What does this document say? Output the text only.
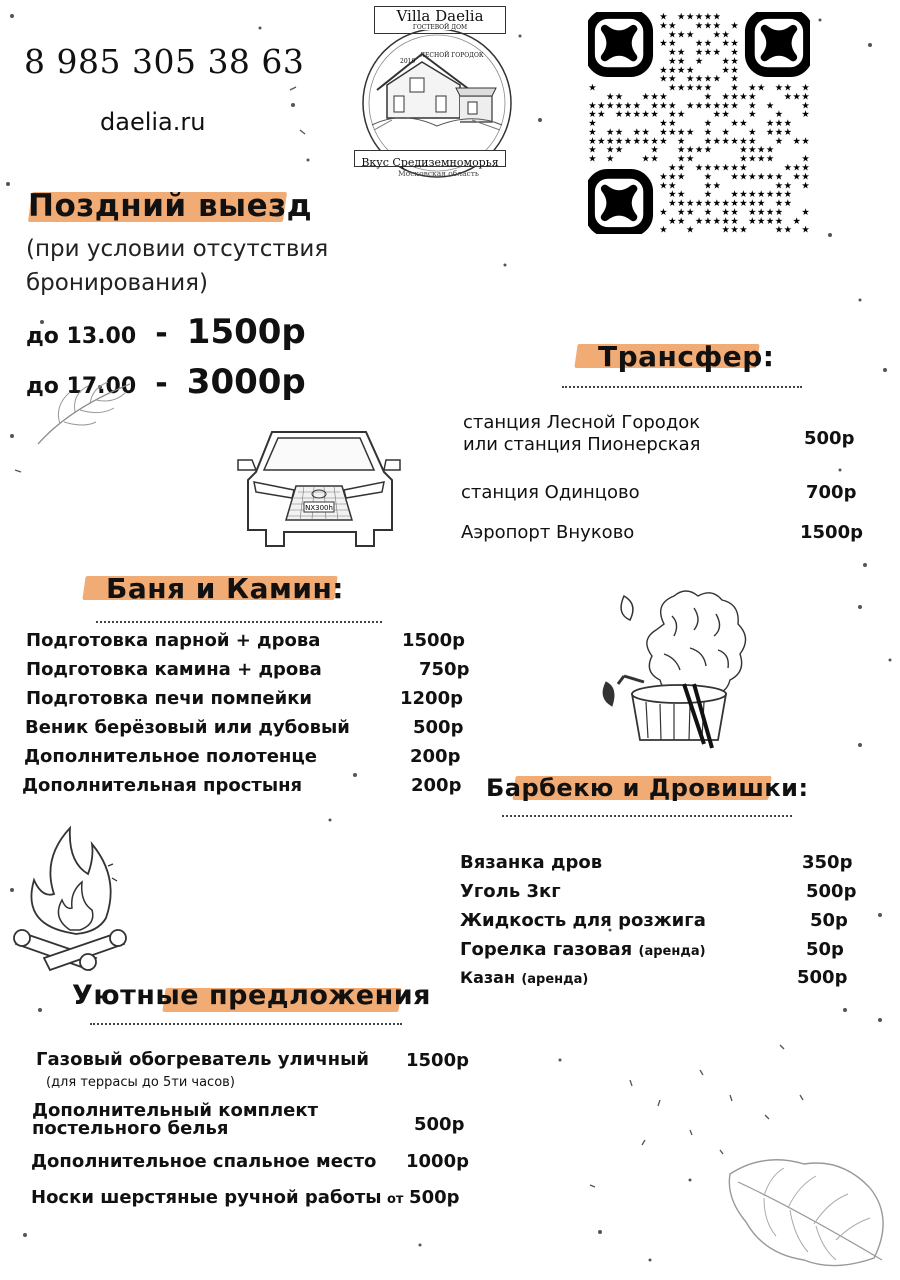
8 985 305 38 63
daelia.ru
Villa Daelia
ГОСТЕВОЙ ДОМ
2019
ЛЕСНОЙ ГОРОДОК
Вкус Средиземноморья
Московская область
★ ★ ★ ★ ★ ★
★ ★ ★ ★ ★ ★
★ ★ ★ ★ ★
★ ★ ★ ★ ★ ★
★ ★ ★ ★ ★ ★
★ ★ ★ ★ ★
★ ★ ★ ★	★ ★
★ ★ ★ ★ ★ ★ ★
★	★ ★ ★ ★ ★ ★ ★ ★ ★ ★ ★
★ ★ ★ ★ ★	★ ★ ★ ★ ★	★ ★ ★
★ ★ ★ ★ ★ ★ ★ ★ ★ ★ ★ ★ ★ ★ ★ ★ ★	★
★ ★ ★ ★ ★ ★ ★ ★ ★	★ ★ ★ ★ ★
★	★ ★	★ ★ ★ ★ ★ ★
★ ★ ★ ★ ★ ★ ★ ★ ★ ★ ★ ★ ★ ★ ★
★ ★ ★ ★ ★ ★ ★ ★ ★ ★ ★ ★ ★ ★ ★ ★ ★ ★ ★
★ ★ ★	★ ★ ★ ★ ★	★ ★ ★ ★
★ ★	★ ★ ★ ★	★ ★ ★ ★	★
★ ★ ★ ★ ★ ★ ★ ★	★ ★ ★
★ ★ ★ ★ ★ ★ ★ ★ ★ ★ ★ ★
★ ★	★ ★	★ ★ ★
★ ★ ★ ★ ★ ★ ★ ★ ★ ★
★ ★ ★ ★ ★ ★ ★ ★ ★ ★ ★ ★ ★
★ ★ ★ ★ ★ ★ ★ ★ ★ ★ ★
★ ★ ★ ★ ★ ★ ★ ★ ★ ★ ★ ★
★ ★	★ ★ ★	★ ★ ★
Поздний выезд
(при условии отсутствия
бронирования)
до 13.00 - 1500р
до 17.00 - 3000р
NX300h
Трансфер:
станция Лесной Городок
или станция Пионерская	500р
станция Одинцово	700р
Аэропорт Внуково	1500р
Баня и Камин:
Подготовка парной + дрова	1500р
Подготовка камина + дрова	750р
Подготовка печи помпейки	1200р
Веник берёзовый или дубовый	500р
Дополнительное полотенце	200р
Дополнительная простыня	200р Барбекю и Дровишки:
Вязанка дров	350р
Уголь 3кг	500р
Жидкость для розжига	50р
Горелка газовая (аренда)	50р
Казан (аренда)	500р
Уютные предложения
Газовый обогреватель уличный
(для террасы до 5ти часов)
1500р
Дополнительный комплект
постельного белья	500р
Дополнительное спальное место 1000р
Носки шерстяные ручной работы от 500р
